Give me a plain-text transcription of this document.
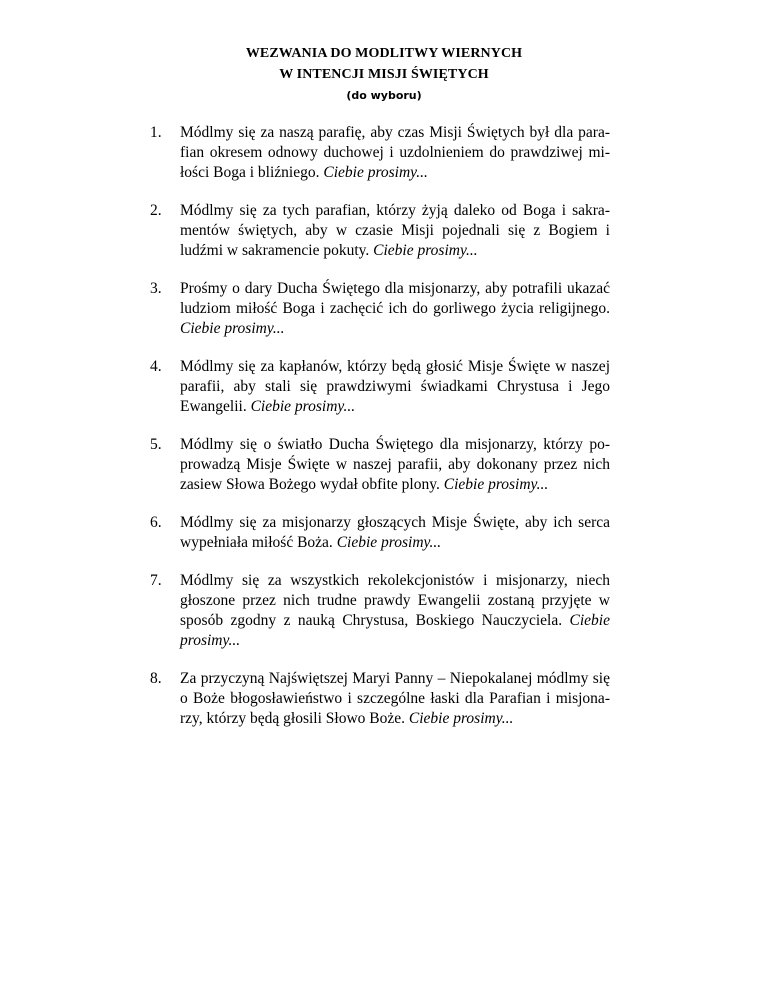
WEZWANIA DO MODLITWY WIERNYCH
W INTENCJI MISJI ŚWIĘTYCH
(do wyboru)
1.	Módlmy się za naszą parafię, aby czas Misji Świętych był dla parafian okresem odnowy duchowej i uzdolnieniem do prawdziwej miłości Boga i bliźniego. Ciebie prosimy...
2.	Módlmy się za tych parafian, którzy żyją daleko od Boga i sakramentów świętych, aby w czasie Misji pojednali się z Bogiem i ludźmi w sakramencie pokuty. Ciebie prosimy...
3.	Prośmy o dary Ducha Świętego dla misjonarzy, aby potrafili ukazać ludziom miłość Boga i zachęcić ich do gorliwego życia religijnego. Ciebie prosimy...
4.	Módlmy się za kapłanów, którzy będą głosić Misje Święte w naszej parafii, aby stali się prawdziwymi świadkami Chrystusa i Jego Ewangelii. Ciebie prosimy...
5.	Módlmy się o światło Ducha Świętego dla misjonarzy, którzy poprowadzą Misje Święte w naszej parafii, aby dokonany przez nich zasiew Słowa Bożego wydał obfite plony. Ciebie prosimy...
6.	Módlmy się za misjonarzy głoszących Misje Święte, aby ich serca wypełniała miłość Boża. Ciebie prosimy...
7.	Módlmy się za wszystkich rekolekcjonistów i misjonarzy, niech głoszone przez nich trudne prawdy Ewangelii zostaną przyjęte w sposób zgodny z nauką Chrystusa, Boskiego Nauczyciela. Ciebie prosimy...
8.	Za przyczyną Najświętszej Maryi Panny – Niepokalanej módlmy się o Boże błogosławieństwo i szczególne łaski dla Parafian i misjonarzy, którzy będą głosili Słowo Boże. Ciebie prosimy...
